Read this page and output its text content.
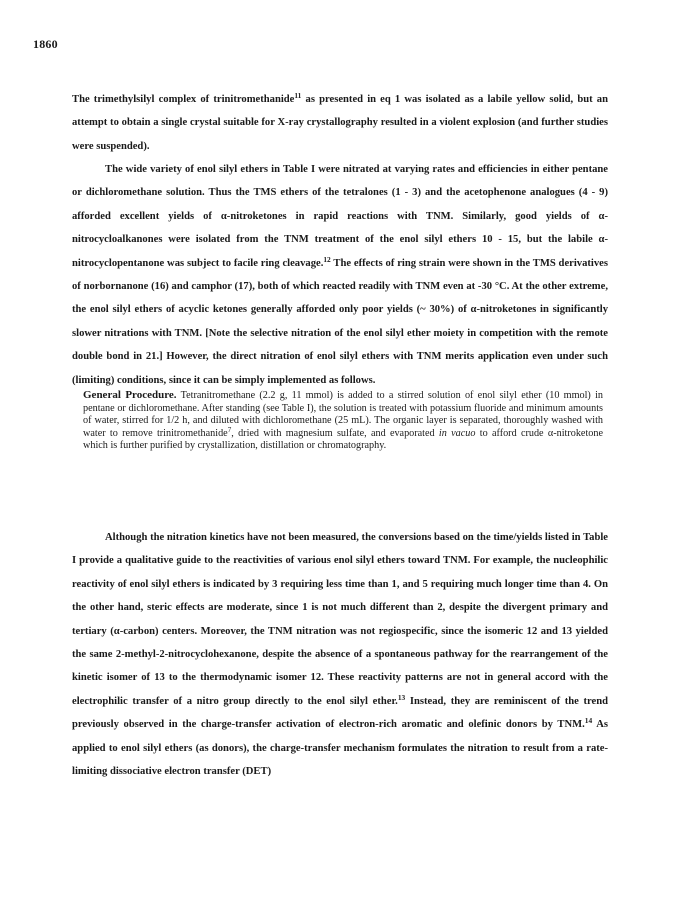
1860

The trimethylsilyl complex of trinitromethanide$^{11}$ as presented in eq 1 was isolated as a labile yellow solid, but an attempt to obtain a single crystal suitable for X-ray crystallography resulted in a violent explosion (and further studies were suspended).

The wide variety of enol silyl ethers in Table I were nitrated at varying rates and efficiencies in either pentane or dichloromethane solution. Thus the TMS ethers of the tetralones (1 - 3) and the acetophenone analogues (4 - 9) afforded excellent yields of α-nitroketones in rapid reactions with TNM. Similarly, good yields of α-nitrocycloalkanones were isolated from the TNM treatment of the enol silyl ethers 10 - 15, but the labile α-nitrocyclopentanone was subject to facile ring cleavage.$^{12}$ The effects of ring strain were shown in the TMS derivatives of norbornanone (16) and camphor (17), both of which reacted readily with TNM even at -30 °C. At the other extreme, the enol silyl ethers of acyclic ketones generally afforded only poor yields (~ 30%) of α-nitroketones in significantly slower nitrations with TNM. [Note the selective nitration of the enol silyl ether moiety in competition with the remote double bond in 21.] However, the direct nitration of enol silyl ethers with TNM merits application even under such (limiting) conditions, since it can be simply implemented as follows.

General Procedure. Tetranitromethane (2.2 g, 11 mmol) is added to a stirred solution of enol silyl ether (10 mmol) in pentane or dichloromethane. After standing (see Table I), the solution is treated with potassium fluoride and minimum amounts of water, stirred for 1/2 h, and diluted with dichloromethane (25 mL). The organic layer is separated, thoroughly washed with water to remove trinitromethanide$^7$, dried with magnesium sulfate, and evaporated in vacuo to afford crude α-nitroketone which is further purified by crystallization, distillation or chromatography.

Although the nitration kinetics have not been measured, the conversions based on the time/yields listed in Table I provide a qualitative guide to the reactivities of various enol silyl ethers toward TNM. For example, the nucleophilic reactivity of enol silyl ethers is indicated by 3 requiring less time than 1, and 5 requiring much longer time than 4. On the other hand, steric effects are moderate, since 1 is not much different than 2, despite the divergent primary and tertiary (α-carbon) centers. Moreover, the TNM nitration was not regiospecific, since the isomeric 12 and 13 yielded the same 2-methyl-2-nitrocyclohexanone, despite the absence of a spontaneous pathway for the rearrangement of the kinetic isomer of 13 to the thermodynamic isomer 12. These reactivity patterns are not in general accord with the electrophilic transfer of a nitro group directly to the enol silyl ether.$^{13}$ Instead, they are reminiscent of the trend previously observed in the charge-transfer activation of electron-rich aromatic and olefinic donors by TNM.$^{14}$ As applied to enol silyl ethers (as donors), the charge-transfer mechanism formulates the nitration to result from a rate-limiting dissociative electron transfer (DET)
